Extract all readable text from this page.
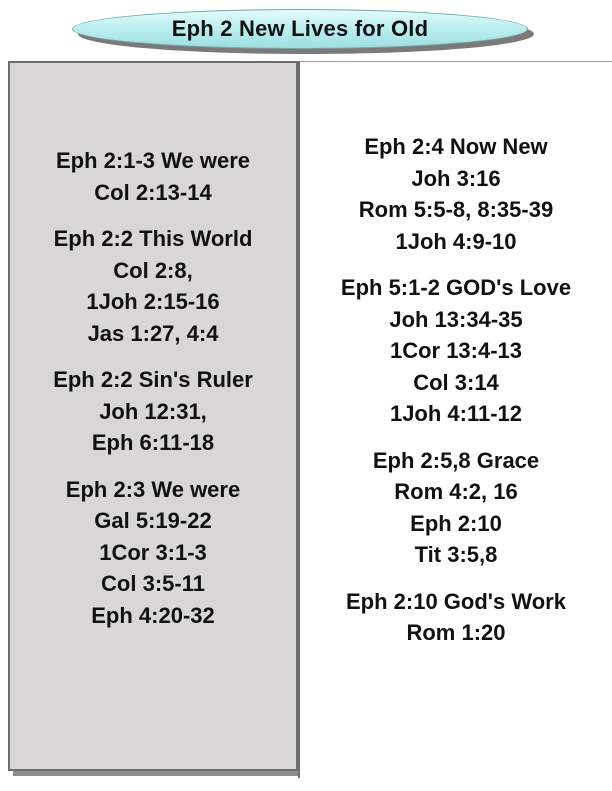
Eph 2 New Lives for Old
Eph 2:1-3 We were
Col 2:13-14
Eph 2:2 This World
Col 2:8,
1Joh 2:15-16
Jas 1:27, 4:4
Eph 2:2 Sin's Ruler
Joh 12:31,
Eph 6:11-18
Eph 2:3 We were
Gal 5:19-22
1Cor 3:1-3
Col 3:5-11
Eph 4:20-32
Eph 2:4 Now New
Joh 3:16
Rom 5:5-8, 8:35-39
1Joh 4:9-10
Eph 5:1-2 GOD's Love
Joh 13:34-35
1Cor 13:4-13
Col 3:14
1Joh 4:11-12
Eph 2:5,8 Grace
Rom 4:2, 16
Eph 2:10
Tit 3:5,8
Eph 2:10 God's Work
Rom 1:20
